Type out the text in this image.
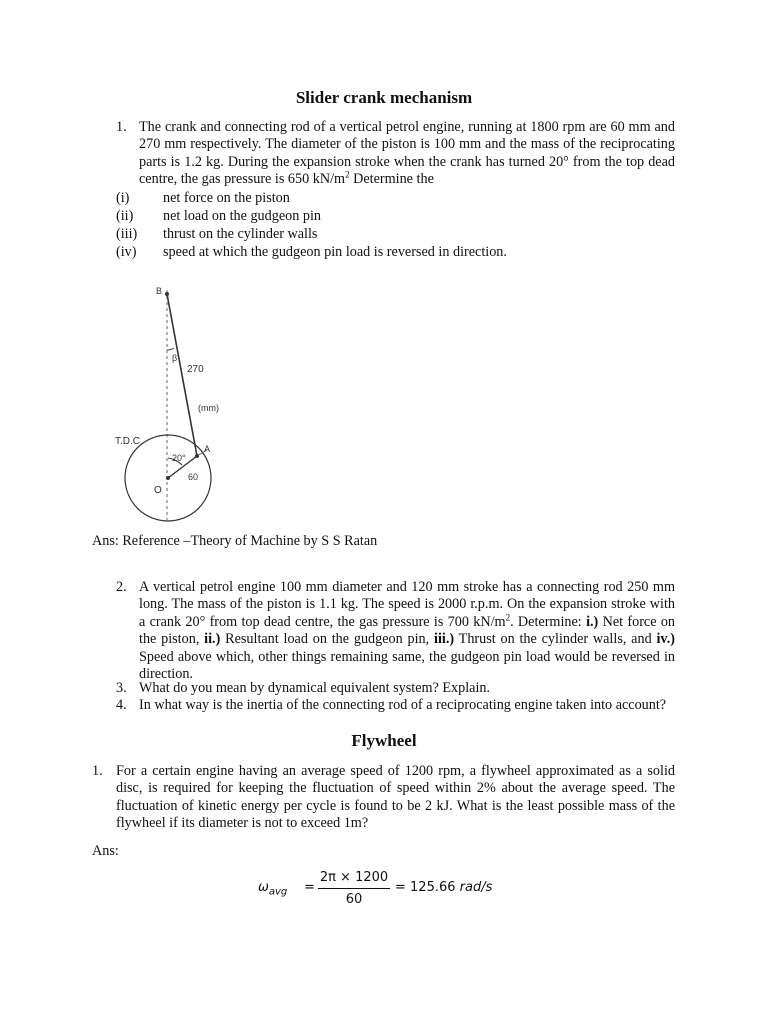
Slider crank mechanism
1. The crank and connecting rod of a vertical petrol engine, running at 1800 rpm are 60 mm and 270 mm respectively. The diameter of the piston is 100 mm and the mass of the reciprocating parts is 1.2 kg. During the expansion stroke when the crank has turned 20° from the top dead centre, the gas pressure is 650 $kN/m^2$ Determine the
(i) net force on the piston
(ii) net load on the gudgeon pin
(iii) thrust on the cylinder walls
(iv) speed at which the gudgeon pin load is reversed in direction.
B
β
270
(mm)
T.D.C
20°
A
60
O
Ans: Reference –Theory of Machine by S S Ratan
2. A vertical petrol engine 100 mm diameter and 120 mm stroke has a connecting rod 250 mm long. The mass of the piston is 1.1 kg. The speed is 2000 r.p.m. On the expansion stroke with a crank 20° from top dead centre, the gas pressure is 700 $kN/m^2$. Determine: i.) Net force on the piston, ii.) Resultant load on the gudgeon pin, iii.) Thrust on the cylinder walls, and iv.) Speed above which, other things remaining same, the gudgeon pin load would be reversed in direction.
3. What do you mean by dynamical equivalent system? Explain.
4. In what way is the inertia of the connecting rod of a reciprocating engine taken into account?
Flywheel
1. For a certain engine having an average speed of 1200 rpm, a flywheel approximated as a solid disc, is required for keeping the fluctuation of speed within 2% about the average speed. The fluctuation of kinetic energy per cycle is found to be 2 kJ. What is the least possible mass of the flywheel if its diameter is not to exceed 1m?
Ans:
$\omega_{avg}$ =
2π × 1200
60
= 125.66 rad/s
